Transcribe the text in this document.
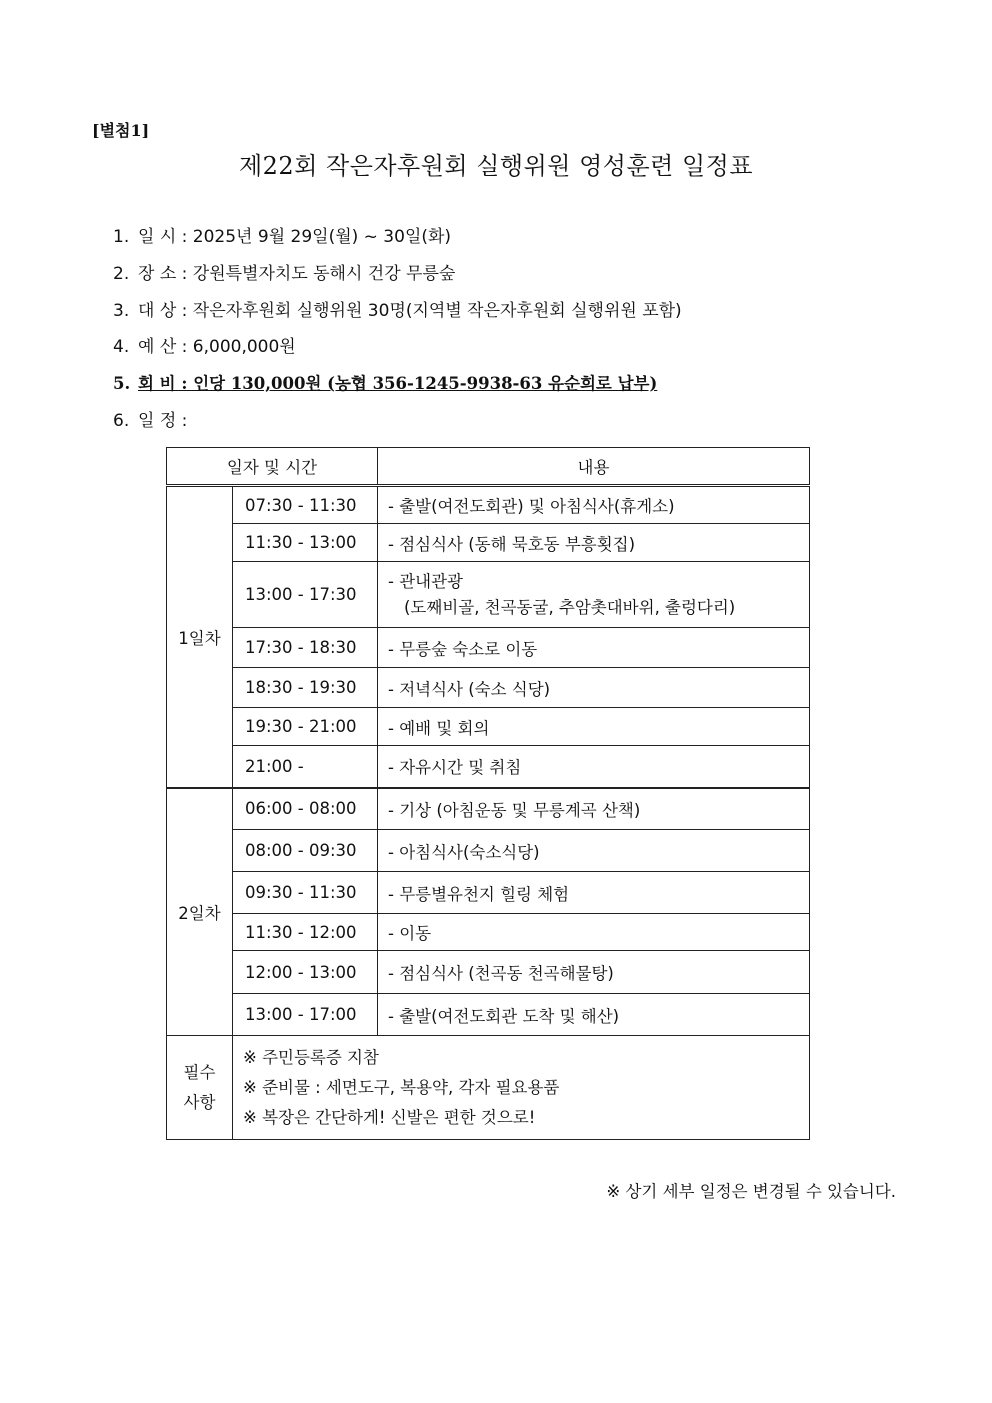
[별첨1]
제22회 작은자후원회 실행위원 영성훈련 일정표
1. 일 시 : 2025년 9월 29일(월) ~ 30일(화)
2. 장 소 : 강원특별자치도 동해시 건강 무릉숲
3. 대 상 : 작은자후원회 실행위원 30명(지역별 작은자후원회 실행위원 포함)
4. 예 산 : 6,000,000원
5. 회 비 : 인당 130,000원 (농협 356-1245-9938-63 유순희로 납부)
6. 일 정 :
일자 및 시간		내용
1일차	07:30 - 11:30	- 출발(여전도회관) 및 아침식사(휴게소)
	11:30 - 13:00	- 점심식사 (동해 묵호동 부흥횟집)
	13:00 - 17:30	- 관내관광
(도째비골, 천곡동굴, 추암촛대바위, 출렁다리)

	17:30 - 18:30	- 무릉숲 숙소로 이동
	18:30 - 19:30	- 저녁식사 (숙소 식당)
	19:30 - 21:00	- 예배 및 회의
	21:00 -	- 자유시간 및 취침
2일차	06:00 - 08:00	- 기상 (아침운동 및 무릉계곡 산책)
	08:00 - 09:30	- 아침식사(숙소식당)
	09:30 - 11:30	- 무릉별유천지 힐링 체험
	11:30 - 12:00	- 이동
	12:00 - 13:00	- 점심식사 (천곡동 천곡해물탕)
	13:00 - 17:00	- 출발(여전도회관 도착 및 해산)

필수
사항	※ 주민등록증 지참
※ 준비물 : 세면도구, 복용약, 각자 필요용품
※ 복장은 간단하게! 신발은 편한 것으로!	
※ 상기 세부 일정은 변경될 수 있습니다.
